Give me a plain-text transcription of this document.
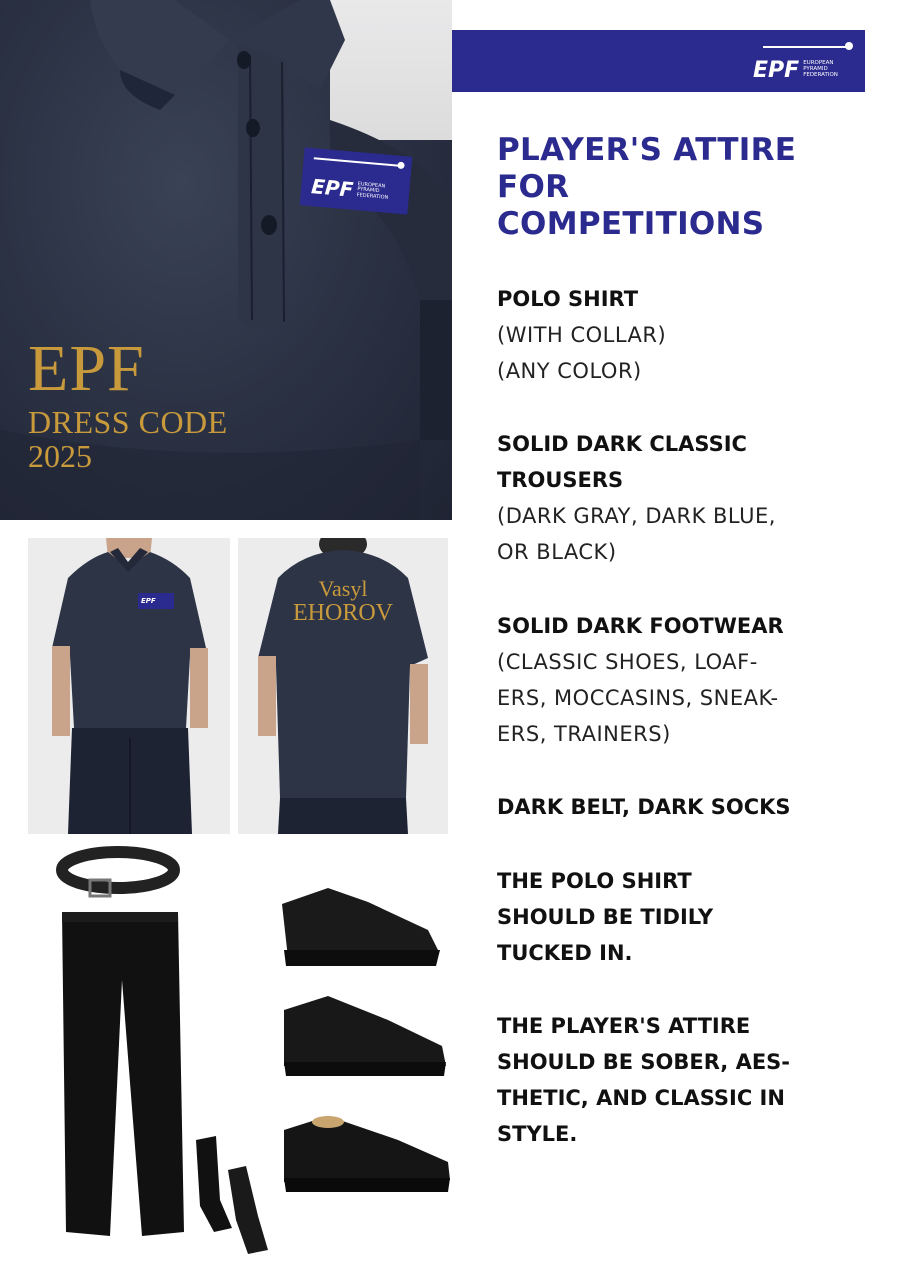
EPF EUROPEAN PYRAMID FEDERATION
EPF
DRESS CODE
2025
EPF EUROPEAN PYRAMID FEDERATION
PLAYER'S ATTIRE
FOR
COMPETITIONS
POLO SHIRT
(WITH COLLAR)
(ANY COLOR)
SOLID DARK CLASSIC
TROUSERS
(DARK GRAY, DARK BLUE,
OR BLACK)
SOLID DARK FOOTWEAR
(CLASSIC SHOES, LOAF-
ERS, MOCCASINS, SNEAK-
ERS, TRAINERS)
DARK BELT, DARK SOCKS
THE POLO SHIRT
SHOULD BE TIDILY
TUCKED IN.
THE PLAYER'S ATTIRE
SHOULD BE SOBER, AES-
THETIC, AND CLASSIC IN
STYLE.
EPF	Vasyl
EHOROV
